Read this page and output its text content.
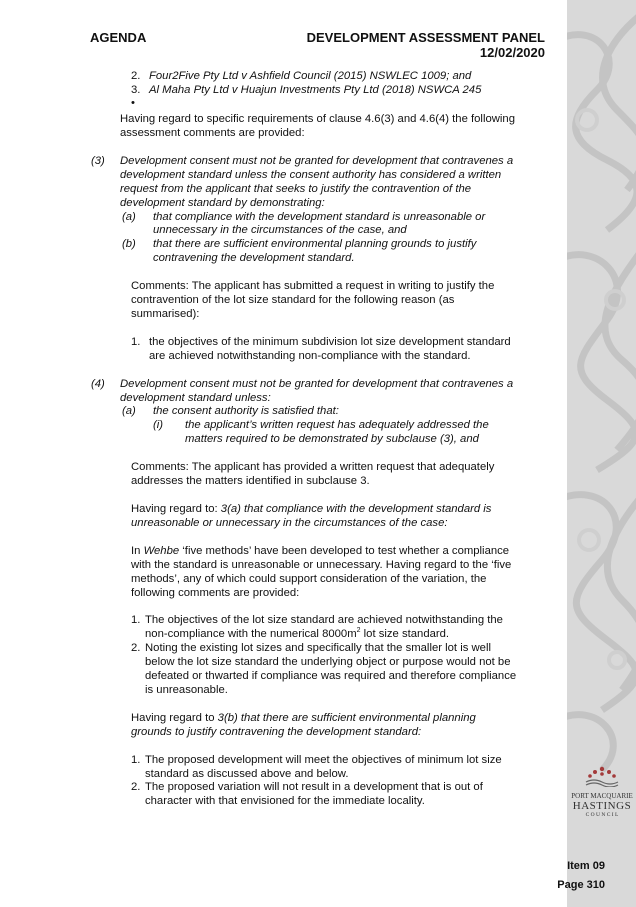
AGENDA	DEVELOPMENT ASSESSMENT PANEL
12/02/2020
2. Four2Five Pty Ltd v Ashfield Council (2015) NSWLEC 1009; and
3. Al Maha Pty Ltd v Huajun Investments Pty Ltd (2018) NSWCA 245
•
Having regard to specific requirements of clause 4.6(3) and 4.6(4) the following
assessment comments are provided:
(3) Development consent must not be granted for development that contravenes a
development standard unless the consent authority has considered a written
request from the applicant that seeks to justify the contravention of the
development standard by demonstrating:
(a) that compliance with the development standard is unreasonable or
unnecessary in the circumstances of the case, and
(b) that there are sufficient environmental planning grounds to justify
contravening the development standard.
Comments: The applicant has submitted a request in writing to justify the
contravention of the lot size standard for the following reason (as
summarised):
1. the objectives of the minimum subdivision lot size development standard
are achieved notwithstanding non-compliance with the standard.
(4) Development consent must not be granted for development that contravenes a
development standard unless:
(a) the consent authority is satisfied that:
(i) the applicant’s written request has adequately addressed the
matters required to be demonstrated by subclause (3), and
Comments: The applicant has provided a written request that adequately
addresses the matters identified in subclause 3.
Having regard to: 3(a) that compliance with the development standard is
unreasonable or unnecessary in the circumstances of the case:
In Wehbe ‘five methods’ have been developed to test whether a compliance
with the standard is unreasonable or unnecessary. Having regard to the ‘five
methods’, any of which could support consideration of the variation, the
following comments are provided:
1. The objectives of the lot size standard are achieved notwithstanding the
non-compliance with the numerical $8000m^2$ lot size standard.
2. Noting the existing lot sizes and specifically that the smaller lot is well
below the lot size standard the underlying object or purpose would not be
defeated or thwarted if compliance was required and therefore compliance
is unreasonable.
Having regard to 3(b) that there are sufficient environmental planning
grounds to justify contravening the development standard:
1. The proposed development will meet the objectives of minimum lot size
standard as discussed above and below.
2. The proposed variation will not result in a development that is out of
character with that envisioned for the immediate locality.	PORT MACQUARIE
HASTINGS
C O U N C I L
Item 09
Page 310
